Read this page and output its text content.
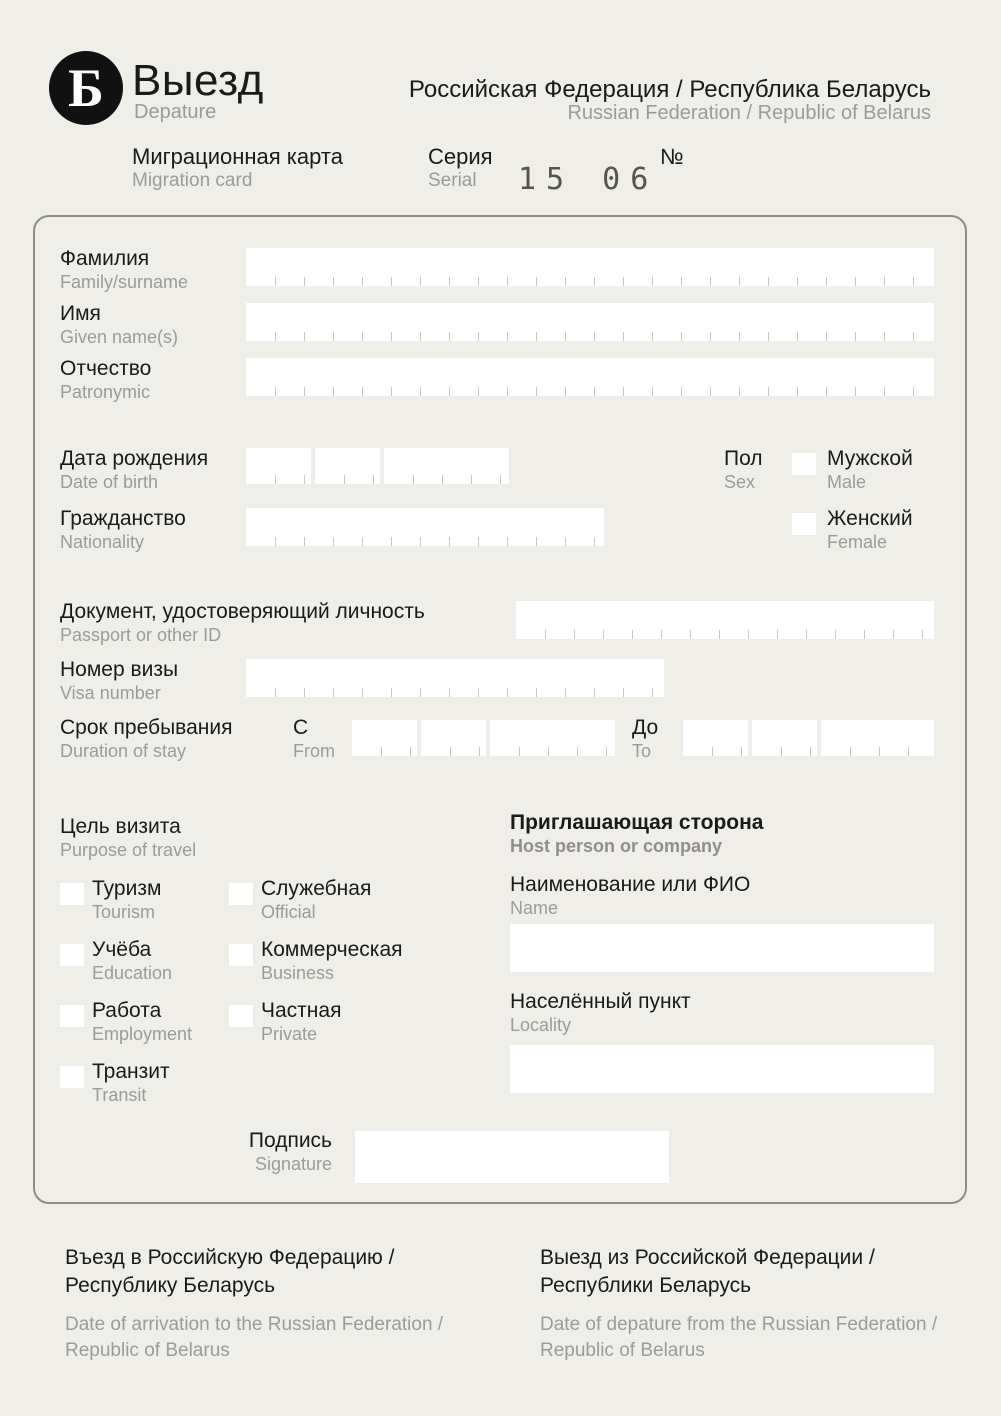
Б Выезд
Depature
Российская Федерация / Республика Беларусь
Russian Federation / Republic of Belarus
Миграционная карта
Migration card
Серия
Serial 15 06
№
Фамилия
Family/surname
Имя
Given name(s)
Отчество
Patronymic
Дата рождения
Date of birth
Пол
Sex
Мужской
Male
Женский
Female
Гражданство
Nationality
Документ, удостоверяющий личность
Passport or other ID
Номер визы
Visa number
Срок пребывания
Duration of stay
С
From
До
To
Цель визита
Purpose of travel
Туризм
Tourism
Учёба
Education
Работа
Employment
Транзит
Transit
Служебная
Official
Коммерческая
Business
Частная
Private
Приглашающая сторона
Host person or company
Наименование или ФИО
Name
Населённый пункт
Locality
Подпись
Signature
Въезд в Российскую Федерацию / Республику Беларусь
Date of arrivation to the Russian Federation / Republic of Belarus
Выезд из Российской Федерации / Республики Беларусь
Date of depature from the Russian Federation / Republic of Belarus
